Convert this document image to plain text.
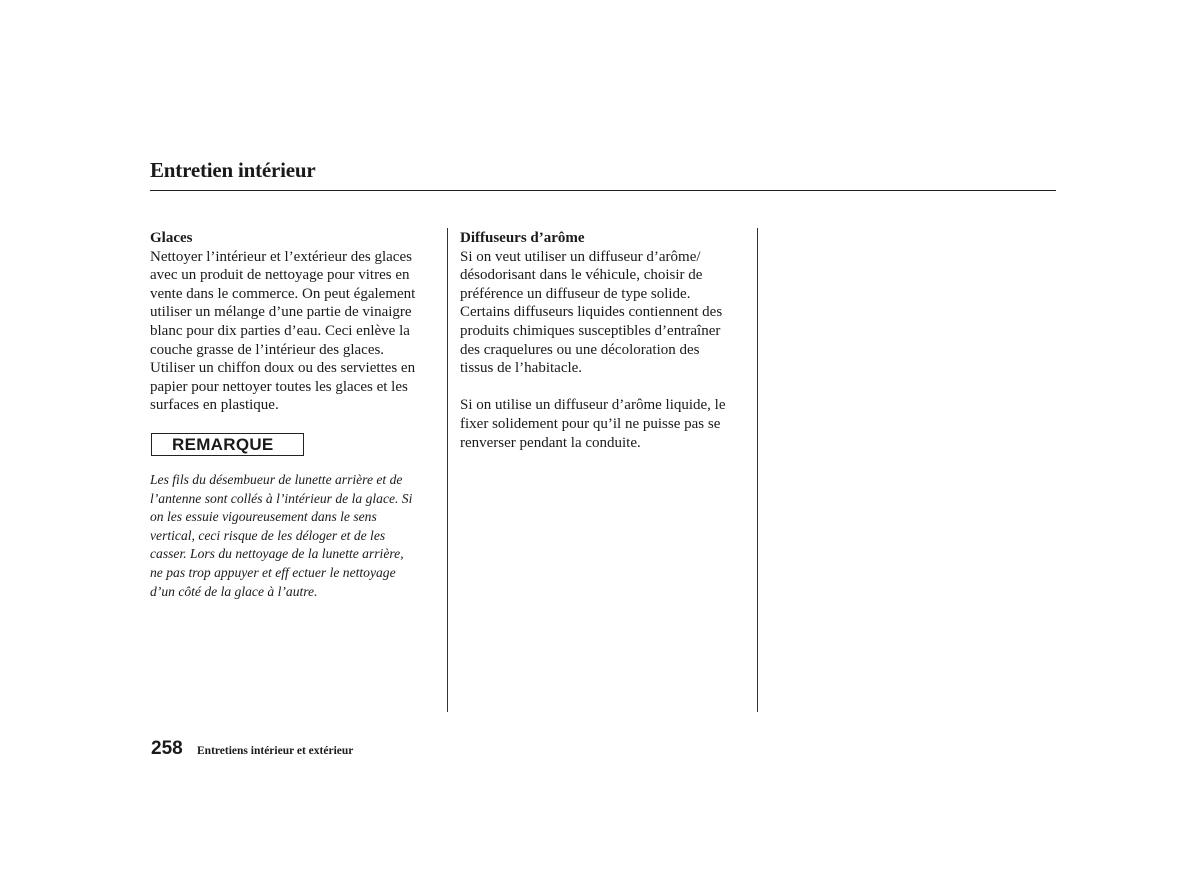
Entretien intérieur
Glaces

Nettoyer l’intérieur et l’extérieur des glaces
avec un produit de nettoyage pour vitres en
vente dans le commerce. On peut également
utiliser un mélange d’une partie de vinaigre
blanc pour dix parties d’eau. Ceci enlève la
couche grasse de l’intérieur des glaces.
Utiliser un chiffon doux ou des serviettes en
papier pour nettoyer toutes les glaces et les
surfaces en plastique.

REMARQUE

Les fils du désembueur de lunette arrière et de
l’antenne sont collés à l’intérieur de la glace. Si
on les essuie vigoureusement dans le sens
vertical, ceci risque de les déloger et de les
casser. Lors du nettoyage de la lunette arrière,
ne pas trop appuyer et eff ectuer le nettoyage
d’un côté de la glace à l’autre.

Diffuseurs d’arôme

Si on veut utiliser un diffuseur d’arôme/
désodorisant dans le véhicule, choisir de
préférence un diffuseur de type solide.
Certains diffuseurs liquides contiennent des
produits chimiques susceptibles d’entraîner
des craquelures ou une décoloration des
tissus de l’habitacle.

Si on utilise un diffuseur d’arôme liquide, le
fixer solidement pour qu’il ne puisse pas se
renverser pendant la conduite.

258 Entretiens intérieur et extérieur
